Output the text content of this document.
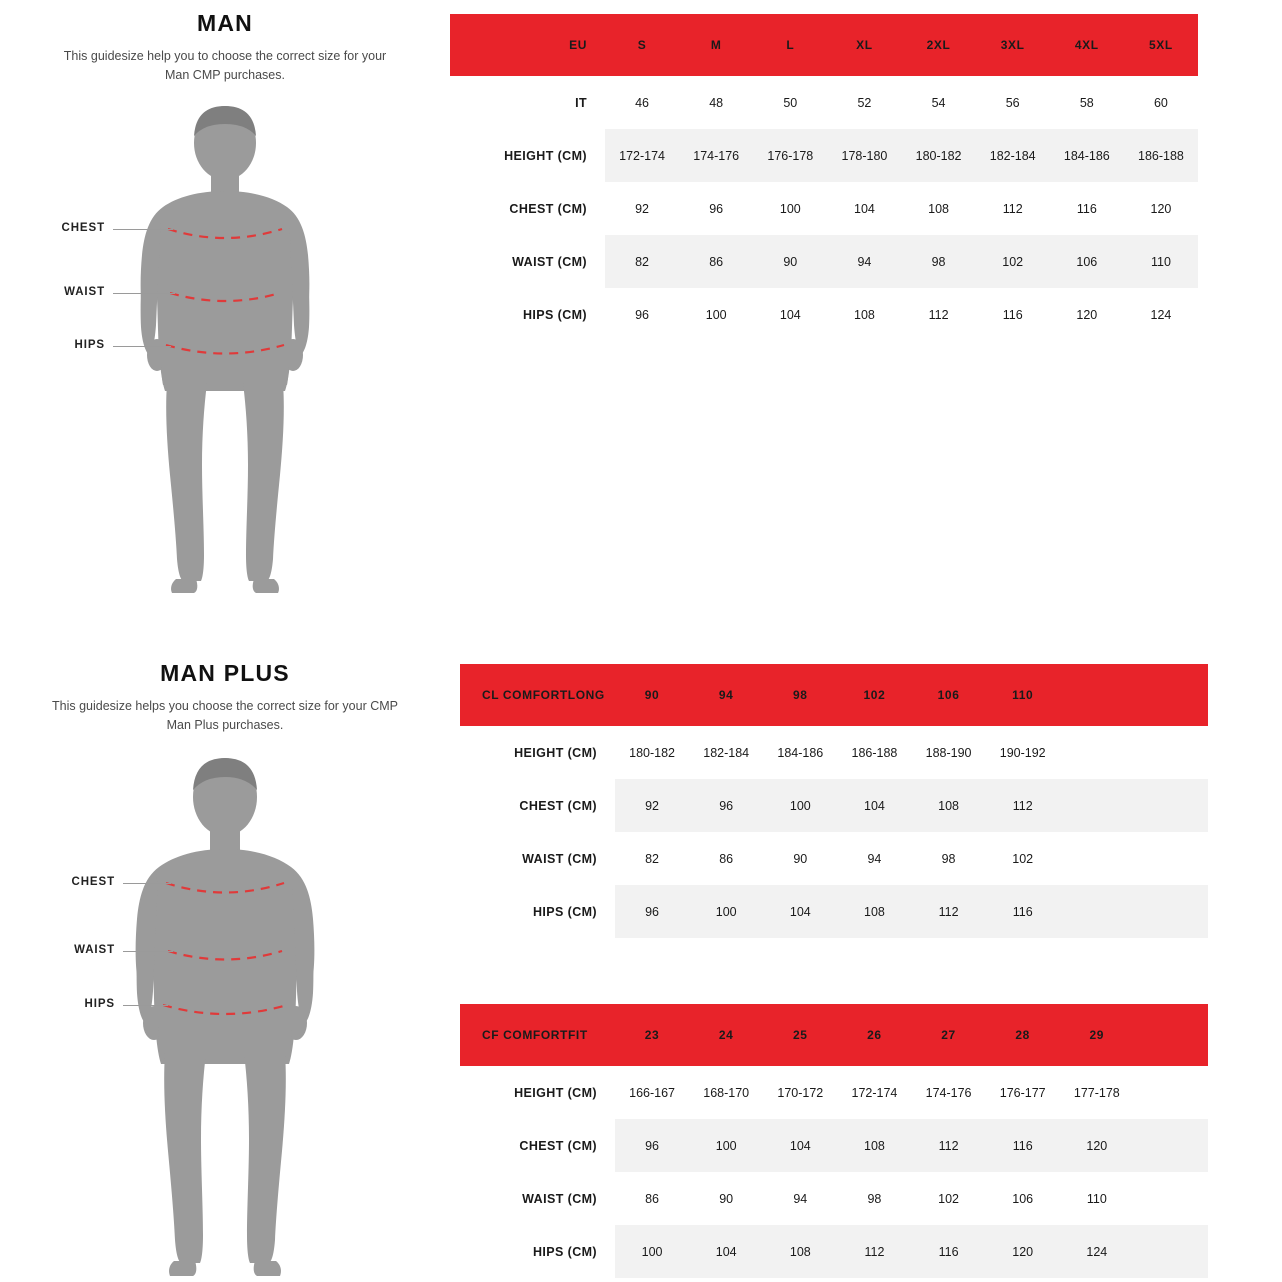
MAN

This guidesize help you to choose the correct size for your Man CMP purchases.

CHEST
WAIST
HIPS
EU	S	M	L	XL	2XL	3XL	4XL	5XL
IT	46	48	50	52	54	56	58	60
HEIGHT (CM)	172-174	174-176	176-178	178-180	180-182	182-184	184-186	186-188
CHEST (CM)	92	96	100	104	108	112	116	120
WAIST (CM)	82	86	90	94	98	102	106	110
HIPS (CM)	96	100	104	108	112	116	120	124
MAN PLUS

This guidesize helps you choose the correct size for your CMP Man Plus purchases.

CHEST
WAIST
HIPS
CL COMFORTLONG	90	94	98	102	106	110		
HEIGHT (CM)	180-182	182-184	184-186	186-188	188-190	190-192		
CHEST (CM)	92	96	100	104	108	112		
WAIST (CM)	82	86	90	94	98	102		
HIPS (CM)	96	100	104	108	112	116		
CF COMFORTFIT	23	24	25	26	27	28	29	
HEIGHT (CM)	166-167	168-170	170-172	172-174	174-176	176-177	177-178	
CHEST (CM)	96	100	104	108	112	116	120	
WAIST (CM)	86	90	94	98	102	106	110	
HIPS (CM)	100	104	108	112	116	120	124	
